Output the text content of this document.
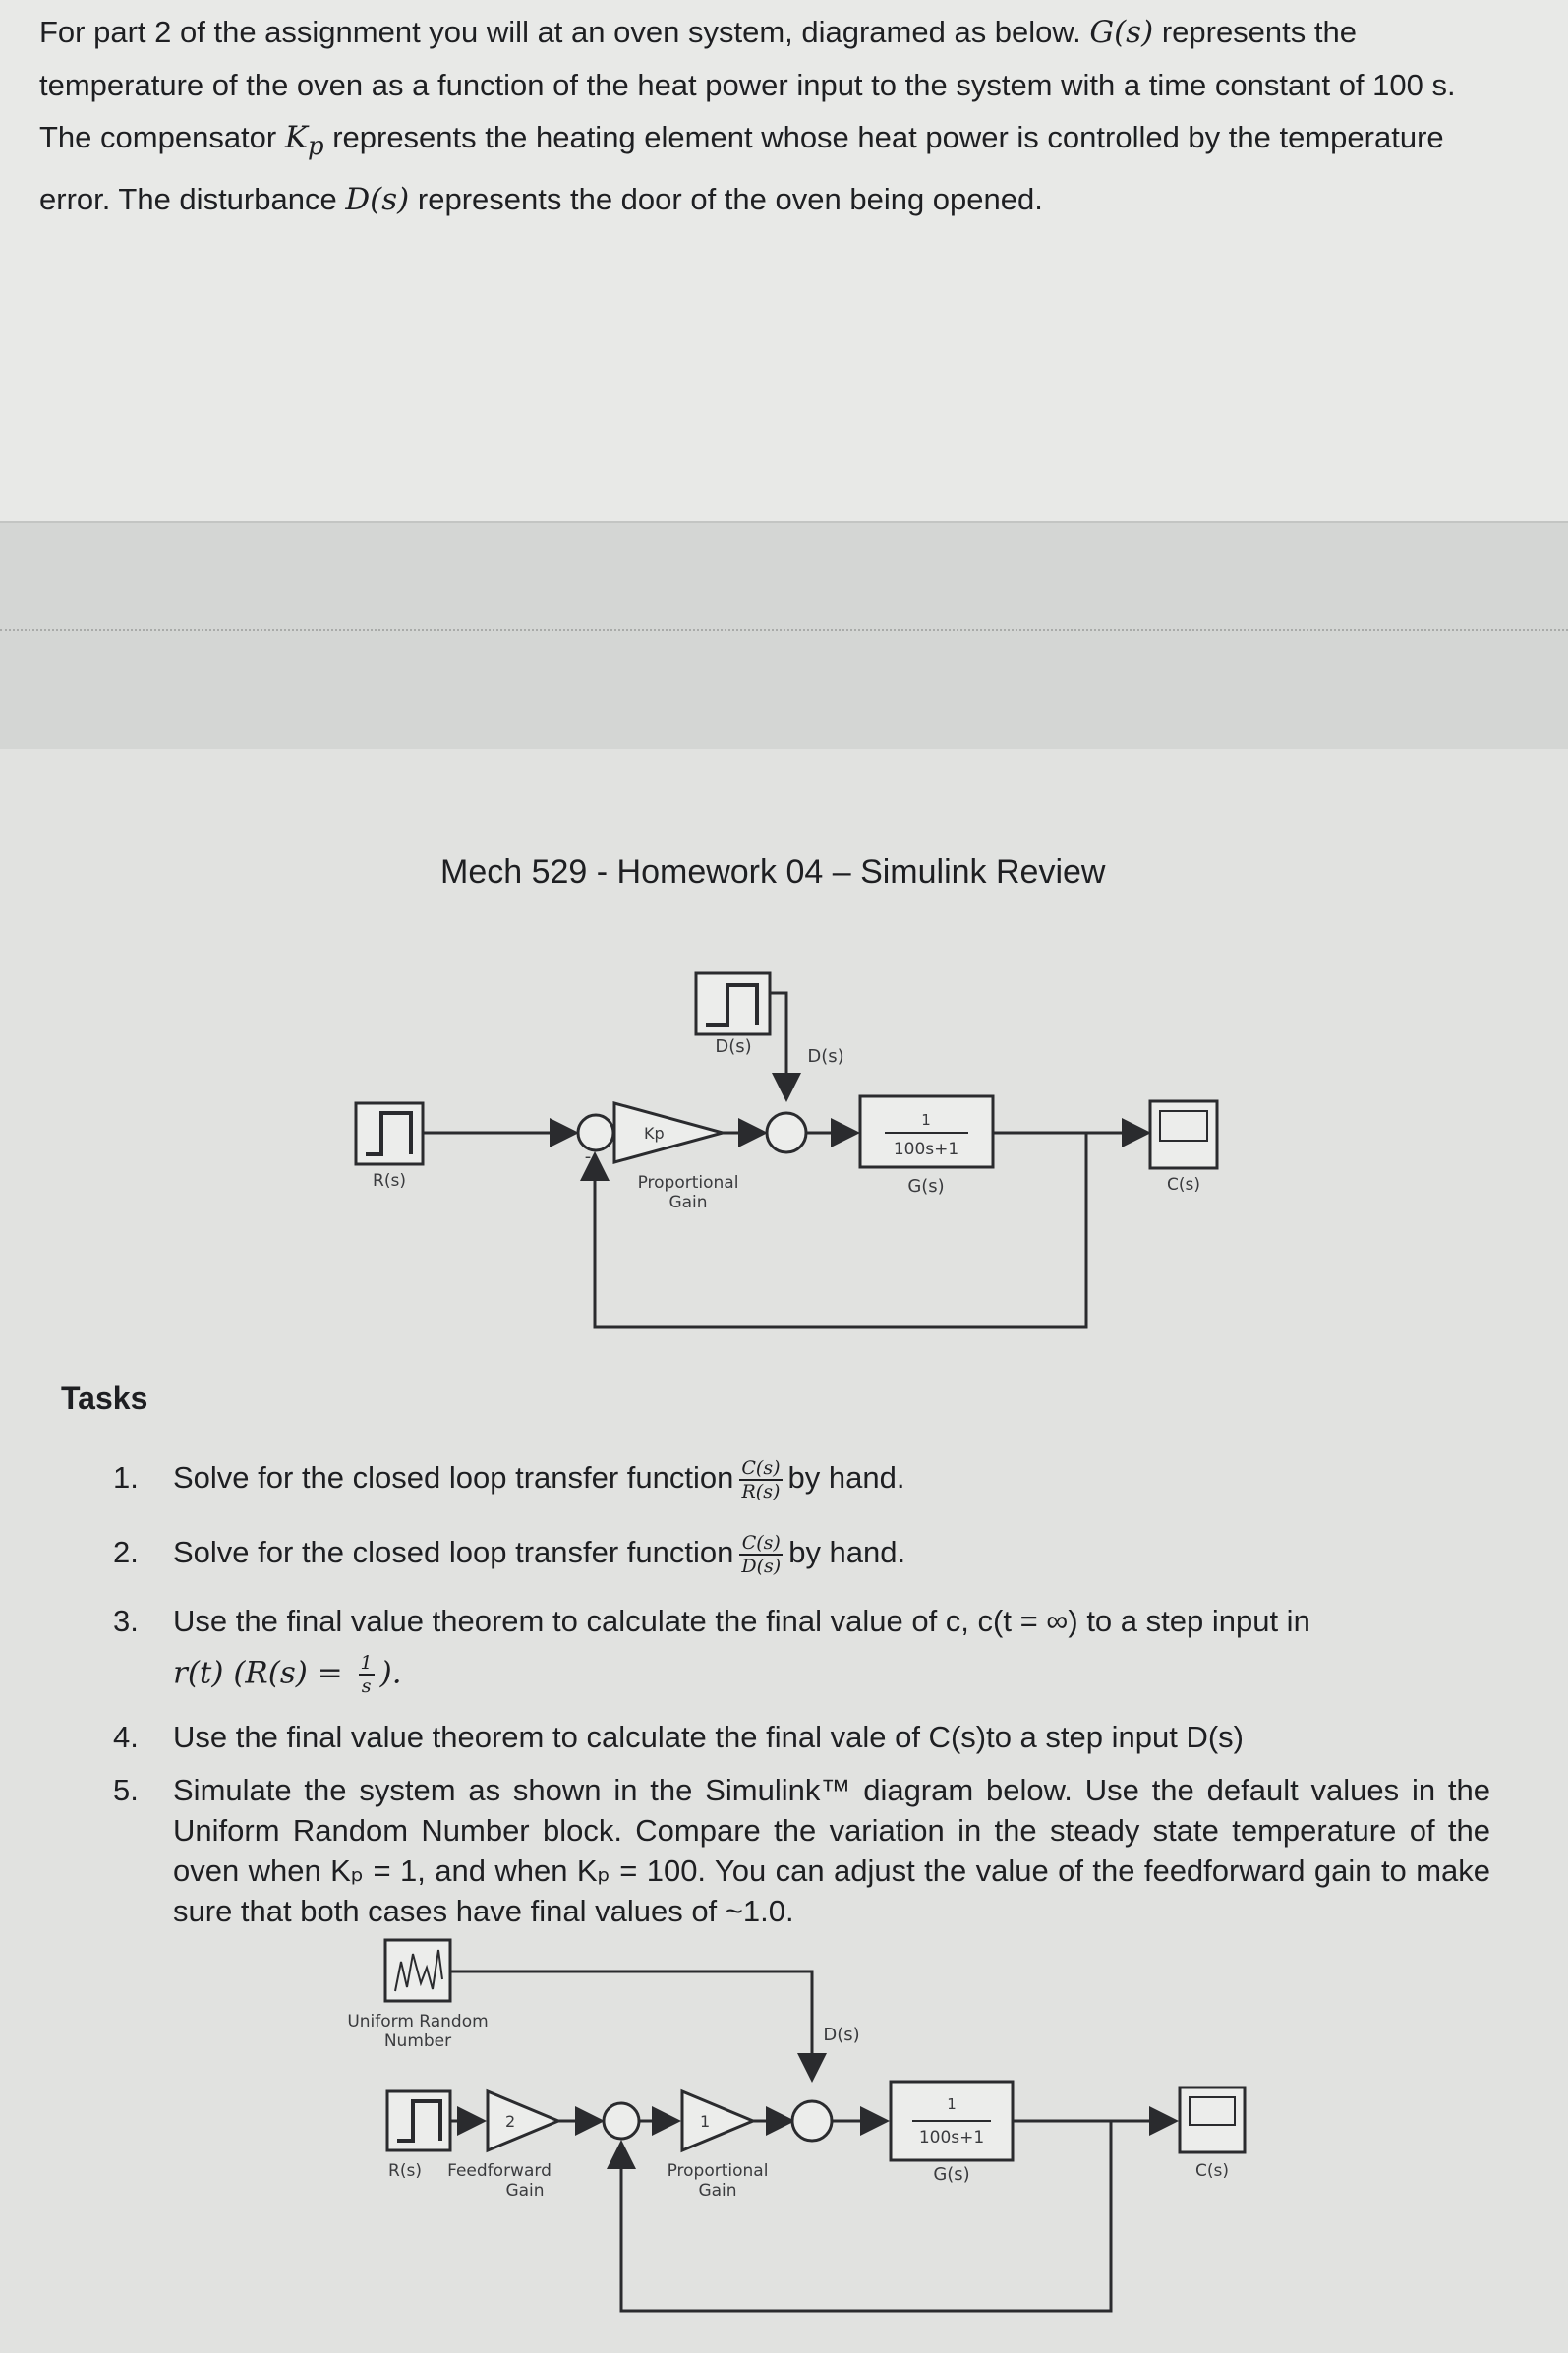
For part 2 of the assignment you will at an oven system, diagramed as below. G(s) represents the temperature of the oven as a function of the heat power input to the system with a time constant of 100 s. The compensator $K_p$ represents the heating element whose heat power is controlled by the temperature error. The disturbance D(s) represents the door of the oven being opened.

Mech 529 - Homework 04 – Simulink Review
D(s)	D(s)
R(s)
Kp
Proportional
Gain
-
1
100s+1
G(s)	C(s)
Tasks
1.	Solve for the closed loop transfer function $\frac{C(s)}{R(s)}$ by hand.
2.	Solve for the closed loop transfer function $\frac{C(s)}{D(s)}$ by hand.
3.	Use the final value theorem to calculate the final value of c, c(t = ∞) to a step input in
r(t) ($R(s) = \frac{1}{s}$ ).
4.	Use the final value theorem to calculate the final vale of C(s)to a step input D(s)
5.	Simulate the system as shown in the Simulink™ diagram below. Use the default values in the Uniform Random Number block. Compare the variation in the steady state temperature of the oven when Kₚ = 1, and when Kₚ = 100. You can adjust the value of the feedforward gain to make sure that both cases have final values of ~1.0.
Uniform Random
Number	D(s)
R(s)
2
Feedforward
Gain
1
Proportional
Gain
1
100s+1
G(s)	C(s)
